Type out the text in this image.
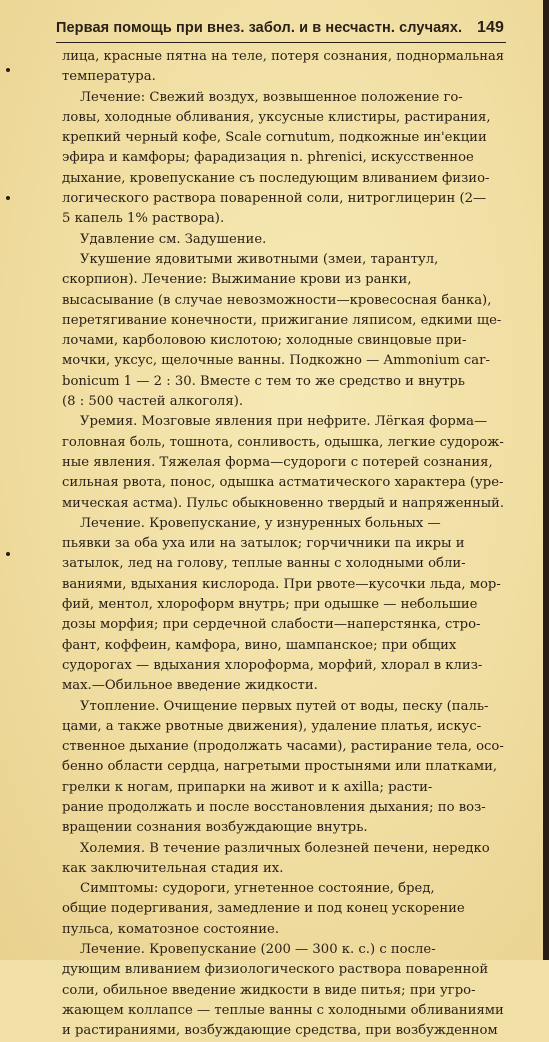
Первая помощь при внез. забол. и в несчастн. случаях. 149
лица, красные пятна на теле, потеря сознания, поднормальная
температура.
Лечение: Свежий воздух, возвышенное положение го-
ловы, холодные обливания, уксусные клистиры, растирания,
крепкий черный кофе, Scale cornutum, подкожные ин'екции
эфира и камфоры; фарадизация n. phrenici, искусственное
дыхание, кровепускание съ последующим вливанием физио-
логического раствора поваренной соли, нитроглицерин (2—
5 капель 1% раствора).
Удавление см. Задушение.
Укушение ядовитыми животными (змеи, тарантул,
скорпион). Лечение: Выжимание крови из ранки,
высасывание (в случае невозможности—кровесосная банка),
перетягивание конечности, прижигание ляписом, едкими ще-
лочами, карболовою кислотою; холодные свинцовые при-
мочки, уксус, щелочные ванны. Подкожно — Ammonium car-
bonicum 1 — 2 : 30. Вместе с тем то же средство и внутрь
(8 : 500 частей алкоголя).
Уремия. Мозговые явления при нефрите. Лёгкая форма—
головная боль, тошнота, сонливость, одышка, легкие судорож-
ные явления. Тяжелая форма—судороги с потерей сознания,
сильная рвота, понос, одышка астматического характера (уре-
мическая астма). Пульс обыкновенно твердый и напряженный.
Лечение. Кровепускание, у изнуренных больных —
пьявки за оба уха или на затылок; горчичники па икры и
затылок, лед на голову, теплые ванны с холодными обли-
ваниями, вдыхания кислорода. При рвоте—кусочки льда, мор-
фий, ментол, хлороформ внутрь; при одышке — небольшие
дозы морфия; при сердечной слабости—наперстянка, стро-
фант, коффеин, камфора, вино, шампанское; при общих
судорогах — вдыхания хлороформа, морфий, хлорал в клиз-
мах.—Обильное введение жидкости.
Утопление. Очищение первых путей от воды, песку (паль-
цами, а также рвотные движения), удаление платья, искус-
ственное дыхание (продолжать часами), растирание тела, осо-
бенно области сердца, нагретыми простынями или платками,
грелки к ногам, припарки на живот и к axilla; расти-
рание продолжать и после восстановления дыхания; по воз-
вращении сознания возбуждающие внутрь.
Холемия. В течение различных болезней печени, нередко
как заключительная стадия их.
Симптомы: судороги, угнетенное состояние, бред,
общие подергивания, замедление и под конец ускорение
пульса, коматозное состояние.
Лечение. Кровепускание (200 — 300 к. с.) с после-
дующим вливанием физиологического раствора поваренной
соли, обильное введение жидкости в виде питья; при угро-
жающем коллапсе — теплые ванны с холодными обливаниями
и растираниями, возбуждающие средства, при возбужденном
